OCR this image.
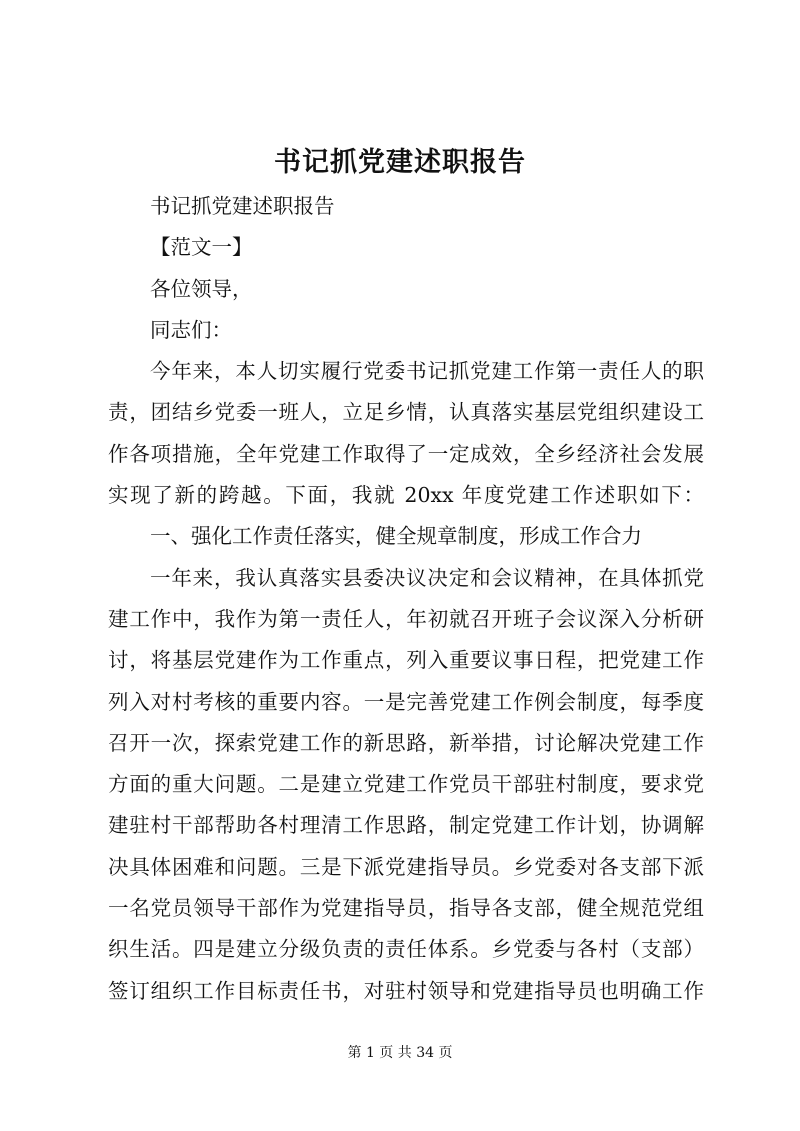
书记抓党建述职报告
书记抓党建述职报告
【范文一】
各位领导，
同志们：
今年来，本人切实履行党委书记抓党建工作第一责任人的职
责，团结乡党委一班人，立足乡情，认真落实基层党组织建设工
作各项措施，全年党建工作取得了一定成效，全乡经济社会发展
实现了新的跨越。下面，我就 20xx 年度党建工作述职如下：
一、强化工作责任落实，健全规章制度，形成工作合力
一年来，我认真落实县委决议决定和会议精神，在具体抓党
建工作中，我作为第一责任人，年初就召开班子会议深入分析研
讨，将基层党建作为工作重点，列入重要议事日程，把党建工作
列入对村考核的重要内容。一是完善党建工作例会制度，每季度
召开一次，探索党建工作的新思路，新举措，讨论解决党建工作
方面的重大问题。二是建立党建工作党员干部驻村制度，要求党
建驻村干部帮助各村理清工作思路，制定党建工作计划，协调解
决具体困难和问题。三是下派党建指导员。乡党委对各支部下派
一名党员领导干部作为党建指导员，指导各支部，健全规范党组
织生活。四是建立分级负责的责任体系。乡党委与各村（支部）
签订组织工作目标责任书，对驻村领导和党建指导员也明确工作
第 1 页 共 34 页
